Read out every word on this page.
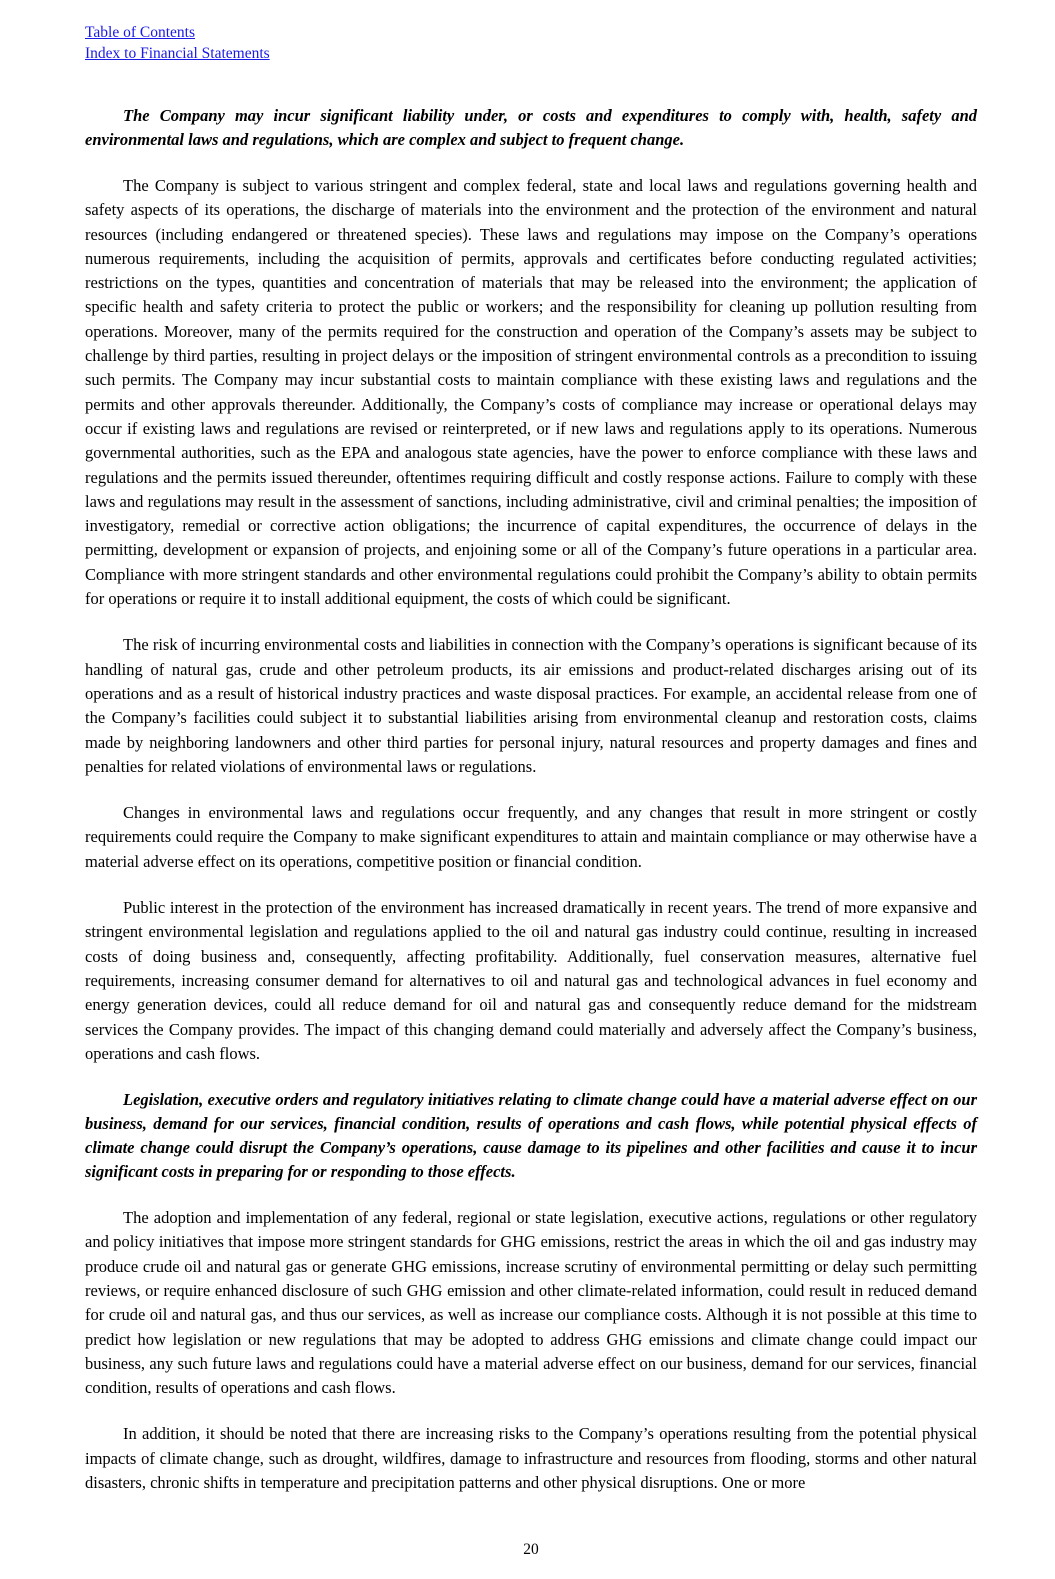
Table of Contents
Index to Financial Statements
The Company may incur significant liability under, or costs and expenditures to comply with, health, safety and environmental laws and regulations, which are complex and subject to frequent change.

The Company is subject to various stringent and complex federal, state and local laws and regulations governing health and safety aspects of its operations, the discharge of materials into the environment and the protection of the environment and natural resources (including endangered or threatened species). These laws and regulations may impose on the Company’s operations numerous requirements, including the acquisition of permits, approvals and certificates before conducting regulated activities; restrictions on the types, quantities and concentration of materials that may be released into the environment; the application of specific health and safety criteria to protect the public or workers; and the responsibility for cleaning up pollution resulting from operations. Moreover, many of the permits required for the construction and operation of the Company’s assets may be subject to challenge by third parties, resulting in project delays or the imposition of stringent environmental controls as a precondition to issuing such permits. The Company may incur substantial costs to maintain compliance with these existing laws and regulations and the permits and other approvals thereunder. Additionally, the Company’s costs of compliance may increase or operational delays may occur if existing laws and regulations are revised or reinterpreted, or if new laws and regulations apply to its operations. Numerous governmental authorities, such as the EPA and analogous state agencies, have the power to enforce compliance with these laws and regulations and the permits issued thereunder, oftentimes requiring difficult and costly response actions. Failure to comply with these laws and regulations may result in the assessment of sanctions, including administrative, civil and criminal penalties; the imposition of investigatory, remedial or corrective action obligations; the incurrence of capital expenditures, the occurrence of delays in the permitting, development or expansion of projects, and enjoining some or all of the Company’s future operations in a particular area. Compliance with more stringent standards and other environmental regulations could prohibit the Company’s ability to obtain permits for operations or require it to install additional equipment, the costs of which could be significant.

The risk of incurring environmental costs and liabilities in connection with the Company’s operations is significant because of its handling of natural gas, crude and other petroleum products, its air emissions and product-related discharges arising out of its operations and as a result of historical industry practices and waste disposal practices. For example, an accidental release from one of the Company’s facilities could subject it to substantial liabilities arising from environmental cleanup and restoration costs, claims made by neighboring landowners and other third parties for personal injury, natural resources and property damages and fines and penalties for related violations of environmental laws or regulations.

Changes in environmental laws and regulations occur frequently, and any changes that result in more stringent or costly requirements could require the Company to make significant expenditures to attain and maintain compliance or may otherwise have a material adverse effect on its operations, competitive position or financial condition.

Public interest in the protection of the environment has increased dramatically in recent years. The trend of more expansive and stringent environmental legislation and regulations applied to the oil and natural gas industry could continue, resulting in increased costs of doing business and, consequently, affecting profitability. Additionally, fuel conservation measures, alternative fuel requirements, increasing consumer demand for alternatives to oil and natural gas and technological advances in fuel economy and energy generation devices, could all reduce demand for oil and natural gas and consequently reduce demand for the midstream services the Company provides. The impact of this changing demand could materially and adversely affect the Company’s business, operations and cash flows.

Legislation, executive orders and regulatory initiatives relating to climate change could have a material adverse effect on our business, demand for our services, financial condition, results of operations and cash flows, while potential physical effects of climate change could disrupt the Company’s operations, cause damage to its pipelines and other facilities and cause it to incur significant costs in preparing for or responding to those effects.

The adoption and implementation of any federal, regional or state legislation, executive actions, regulations or other regulatory and policy initiatives that impose more stringent standards for GHG emissions, restrict the areas in which the oil and gas industry may produce crude oil and natural gas or generate GHG emissions, increase scrutiny of environmental permitting or delay such permitting reviews, or require enhanced disclosure of such GHG emission and other climate-related information, could result in reduced demand for crude oil and natural gas, and thus our services, as well as increase our compliance costs. Although it is not possible at this time to predict how legislation or new regulations that may be adopted to address GHG emissions and climate change could impact our business, any such future laws and regulations could have a material adverse effect on our business, demand for our services, financial condition, results of operations and cash flows.

In addition, it should be noted that there are increasing risks to the Company’s operations resulting from the potential physical impacts of climate change, such as drought, wildfires, damage to infrastructure and resources from flooding, storms and other natural disasters, chronic shifts in temperature and precipitation patterns and other physical disruptions. One or more

20
